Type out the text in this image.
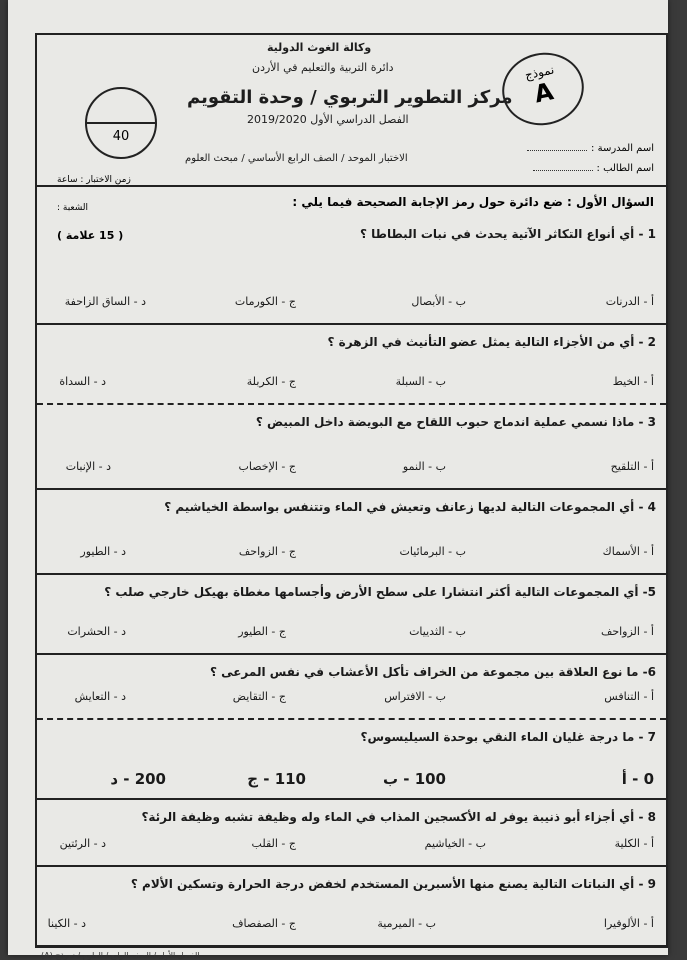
وكالة الغوث الدولية
دائرة التربية والتعليم في الأردن
مركز التطوير التربوي / وحدة التقويم
الفصل الدراسي الأول 2019/2020
الاختبار الموحد / الصف الرابع الأساسي / مبحث العلوم
نموذج
A
40
اسم المدرسة :
اسم الطالب :
زمن الاختبار : ساعة
الشعبة :	السؤال الأول : ضع دائرة حول رمز الإجابة الصحيحة فيما يلي :
( 15 علامة )	1 - أي أنواع التكاثر الآتية يحدث في نبات البطاطا ؟
أ - الدرنات
ب - الأبصال
ج - الكورمات
د - الساق الزاحفة
2 - أي من الأجزاء التالية يمثل عضو التأنيث في الزهرة ؟
أ - الخيط
ب - السبلة
ج - الكربلة
د - السداة
3 - ماذا نسمي عملية اندماج حبوب اللقاح مع البويضة داخل المبيض ؟
أ - التلقيح
ب - النمو
ج - الإخصاب
د - الإنبات
4 - أي المجموعات التالية لديها زعانف وتعيش في الماء وتتنفس بواسطة الخياشيم ؟
أ - الأسماك
ب - البرمائيات
ج - الزواحف
د - الطيور
5- أي المجموعات التالية أكثر انتشارا على سطح الأرض وأجسامها مغطاة بهيكل خارجي صلب ؟
أ - الزواحف
ب - الثدييات
ج - الطيور
د - الحشرات
6- ما نوع العلاقة بين مجموعة من الخراف تأكل الأعشاب في نفس المرعى ؟
أ - التنافس
ب - الافتراس
ج - التقايض
د - التعايش
7 - ما درجة غليان الماء النقي بوحدة السيليسوس؟
0 - أ
100 - ب
110 - ج
200 - د
8 - أي أجزاء أبو ذنيبة يوفر له الأكسجين المذاب في الماء وله وظيفة تشبه وظيفة الرئة؟
أ - الكلية
ب - الخياشيم
ج - القلب
د - الرئتين
9 - أي النباتات التالية يصنع منها الأسبرين المستخدم لخفض درجة الحرارة وتسكين الألام ؟
أ - الألوفيرا
ب - الميرمية
ج - الصفصاف
د - الكينا
الفصل الأول / الصف الرابع / العلوم / نموذج (A)
